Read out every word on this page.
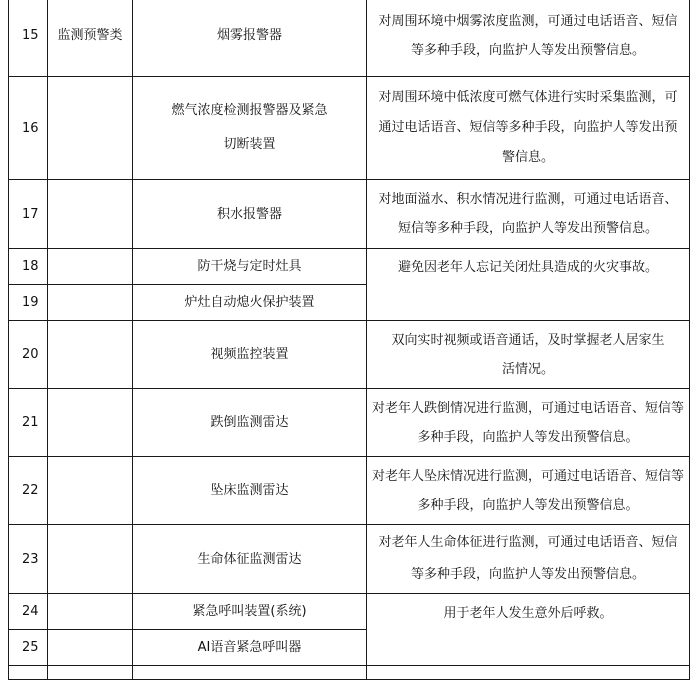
15	监测预警类	烟雾报警器	对周围环境中烟雾浓度监测，可通过电话语音、短信等多种手段，向监护人等发出预警信息。
16		燃气浓度检测报警器及紧急切断装置	对周围环境中低浓度可燃气体进行实时采集监测，可通过电话语音、短信等多种手段，向监护人等发出预警信息。
17		积水报警器	对地面溢水、积水情况进行监测，可通过电话语音、短信等多种手段，向监护人等发出预警信息。
18		防干烧与定时灶具	避免因老年人忘记关闭灶具造成的火灾事故。
19		炉灶自动熄火保护装置	
20		视频监控装置	双向实时视频或语音通话，及时掌握老人居家生活情况。
21		跌倒监测雷达	对老年人跌倒情况进行监测，可通过电话语音、短信等多种手段，向监护人等发出预警信息。
22		坠床监测雷达	对老年人坠床情况进行监测，可通过电话语音、短信等多种手段，向监护人等发出预警信息。
23		生命体征监测雷达	对老年人生命体征进行监测，可通过电话语音、短信等多种手段，向监护人等发出预警信息。
24		紧急呼叫装置(系统)	用于老年人发生意外后呼救。
25		AI语音紧急呼叫器	
